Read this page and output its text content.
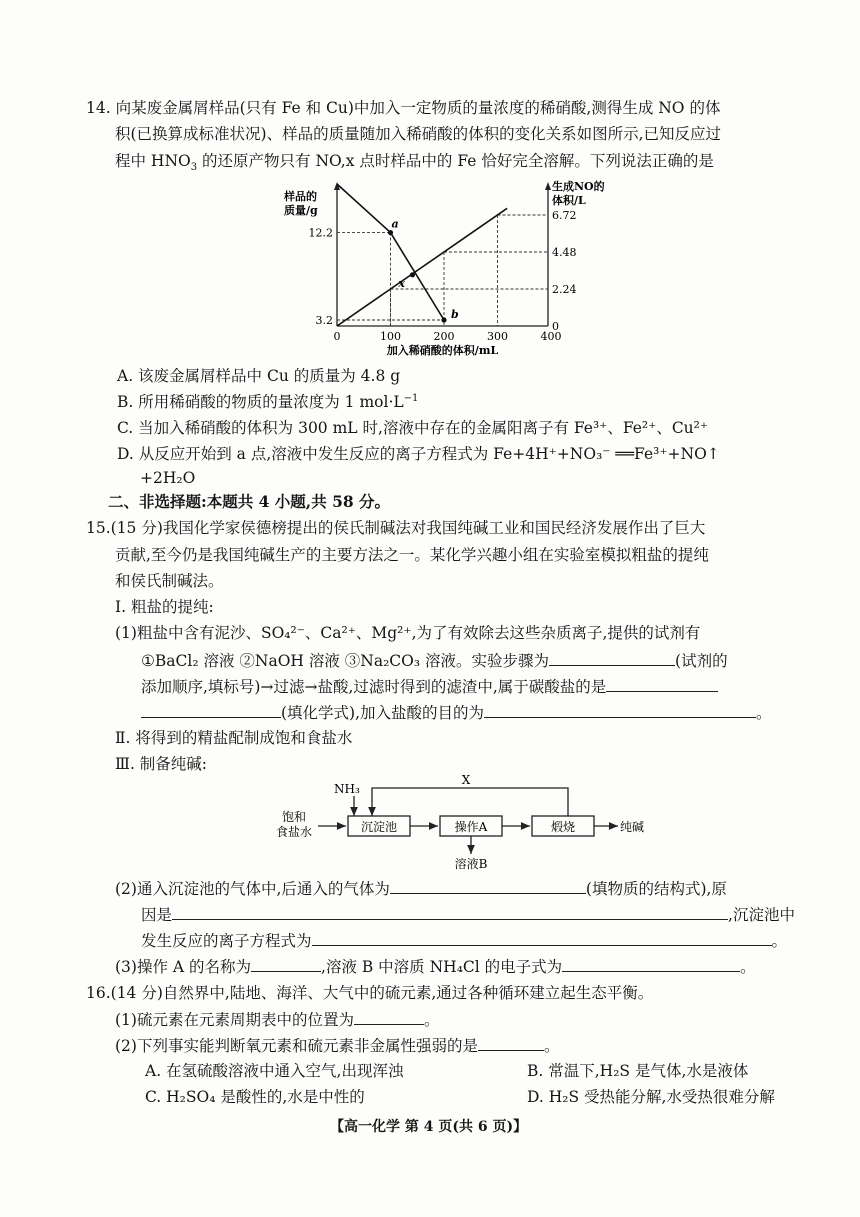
14. 向某废金属屑样品(只有 Fe 和 Cu)中加入一定物质的量浓度的稀硝酸,测得生成 NO 的体
积(已换算成标准状况)、样品的质量随加入稀硝酸的体积的变化关系如图所示,已知反应过
程中 $HNO_3$ 的还原产物只有 NO,x 点时样品中的 Fe 恰好完全溶解。下列说法正确的是
样品的
质量/g
生成NO的
体积/L
加入稀硝酸的体积/mL
0	100	200	300	400
12.2
3.2	0
2.24
4.48
6.72
a
x
b
A. 该废金属屑样品中 Cu 的质量为 4.8 g
B. 所用稀硝酸的物质的量浓度为 1 $mol\cdot L^{-1}$
C. 当加入稀硝酸的体积为 300 mL 时,溶液中存在的金属阳离子有 Fe³⁺、Fe²⁺、Cu²⁺
D. 从反应开始到 a 点,溶液中发生反应的离子方程式为 Fe+4H⁺+NO₃⁻ ══Fe³⁺+NO↑
+2H₂O
二、非选择题:本题共 4 小题,共 58 分。
15.(15 分)我国化学家侯德榜提出的侯氏制碱法对我国纯碱工业和国民经济发展作出了巨大
贡献,至今仍是我国纯碱生产的主要方法之一。某化学兴趣小组在实验室模拟粗盐的提纯
和侯氏制碱法。
Ⅰ. 粗盐的提纯:
(1)粗盐中含有泥沙、SO₄²⁻、Ca²⁺、Mg²⁺,为了有效除去这些杂质离子,提供的试剂有
①BaCl₂ 溶液 ②NaOH 溶液 ③Na₂CO₃ 溶液。实验步骤为	(试剂的
添加顺序,填标号)→过滤→盐酸,过滤时得到的滤渣中,属于碳酸盐的是
(填化学式),加入盐酸的目的为	。
Ⅱ. 将得到的精盐配制成饱和食盐水
Ⅲ. 制备纯碱:
饱和
食盐水
NH₃
沉淀池	操作A
溶液B
煅烧	纯碱
X
(2)通入沉淀池的气体中,后通入的气体为	(填物质的结构式),原
因是	,沉淀池中
发生反应的离子方程式为	。
(3)操作 A 的名称为	,溶液 B 中溶质 NH₄Cl 的电子式为	。
16.(14 分)自然界中,陆地、海洋、大气中的硫元素,通过各种循环建立起生态平衡。
(1)硫元素在元素周期表中的位置为	。
(2)下列事实能判断氧元素和硫元素非金属性强弱的是	。
A. 在氢硫酸溶液中通入空气,出现浑浊	B. 常温下,H₂S 是气体,水是液体
C. H₂SO₄ 是酸性的,水是中性的	D. H₂S 受热能分解,水受热很难分解
【高一化学 第 4 页(共 6 页)】
